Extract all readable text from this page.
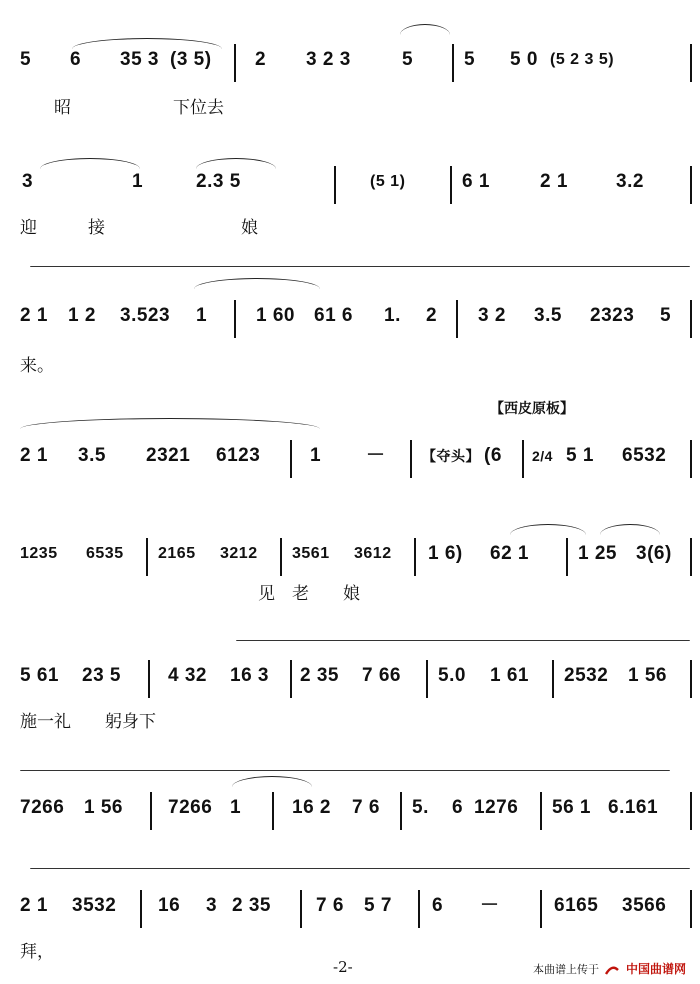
5 6 35 3 (3 5) 2 3 2 3	5	5 5 0 (5 2 3 5)
　　昭　　　　　　下位去
3	1	2.3 5	(5 1)	6 1	2 1	3.2
迎　　　接　　　　　　　　娘
2 1 1 2 3.523 1	1 60 61 6 1. 2 3 2 3.5 2323 5
来。
【西皮原板】
2 1 3.5 2321 6123	1 －	【夺头】 (6 2/4 5 1 6532
1235 6535 2165 3212 3561 3612 1 6) 62 1	1 25 3(6)
　　　　　　　　　　　　　　见　老　　娘
5 61 23 5 4 32 16 3 2 35 7 66 5.0 1 61 2532 1 56
施一礼　　躬身下
7266 1 56 7266 1	16 2 7 6 5. 6 1276 56 1 6.161
2 1 3532 16 3 2 35 7 6 5 7 6 －	6165 3566
拜，
-2-	本曲谱上传于 中国曲谱网
